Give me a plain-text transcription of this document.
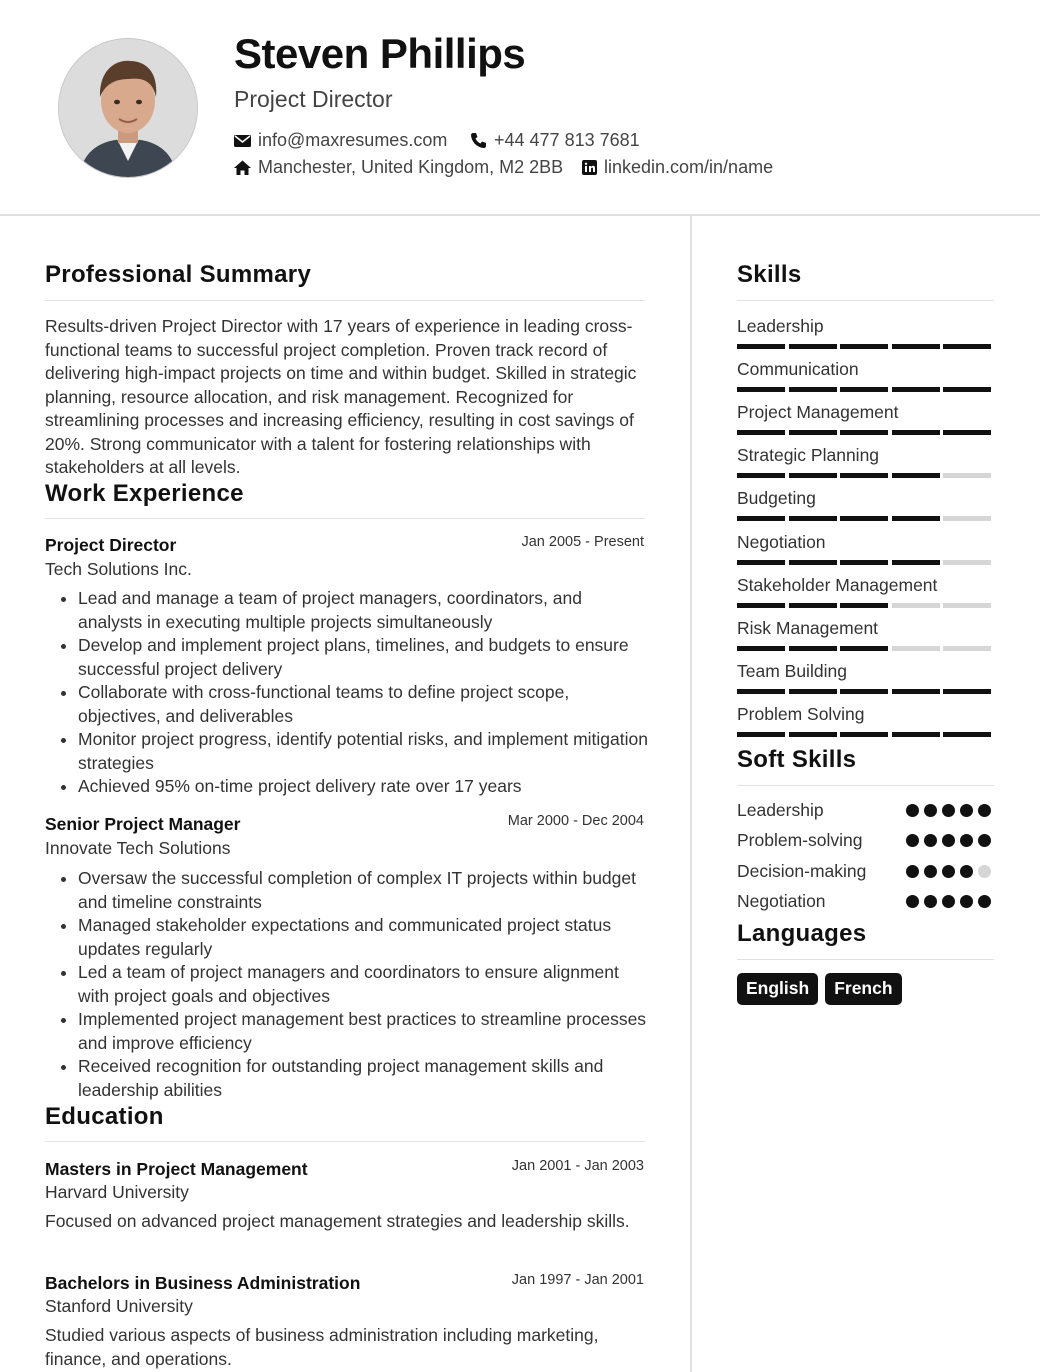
Steven Phillips
Project Director
info@maxresumes.com	+44 477 813 7681
Manchester, United Kingdom, M2 2BB linkedin.com/in/name
Professional Summary
Results-driven Project Director with 17 years of experience in leading cross-functional teams to successful project completion. Proven track record of delivering high-impact projects on time and within budget. Skilled in strategic planning, resource allocation, and risk management. Recognized for streamlining processes and increasing efficiency, resulting in cost savings of 20%. Strong communicator with a talent for fostering relationships with stakeholders at all levels.
Work Experience
Project Director	Jan 2005 - Present
Tech Solutions Inc.
• Lead and manage a team of project managers, coordinators, and analysts in executing multiple projects simultaneously
• Develop and implement project plans, timelines, and budgets to ensure successful project delivery
• Collaborate with cross-functional teams to define project scope, objectives, and deliverables
• Monitor project progress, identify potential risks, and implement mitigation strategies
• Achieved 95% on-time project delivery rate over 17 years
Senior Project Manager	Mar 2000 - Dec 2004
Innovate Tech Solutions
• Oversaw the successful completion of complex IT projects within budget and timeline constraints
• Managed stakeholder expectations and communicated project status updates regularly
• Led a team of project managers and coordinators to ensure alignment with project goals and objectives
• Implemented project management best practices to streamline processes and improve efficiency
• Received recognition for outstanding project management skills and leadership abilities
Education
Masters in Project Management	Jan 2001 - Jan 2003
Harvard University
Focused on advanced project management strategies and leadership skills.
Bachelors in Business Administration	Jan 1997 - Jan 2001
Stanford University
Studied various aspects of business administration including marketing, finance, and operations.
Skills
Leadership
Communication
Project Management
Strategic Planning
Budgeting
Negotiation
Stakeholder Management
Risk Management
Team Building
Problem Solving
Soft Skills
Leadership
Problem-solving
Decision-making
Negotiation
Languages
English	French
